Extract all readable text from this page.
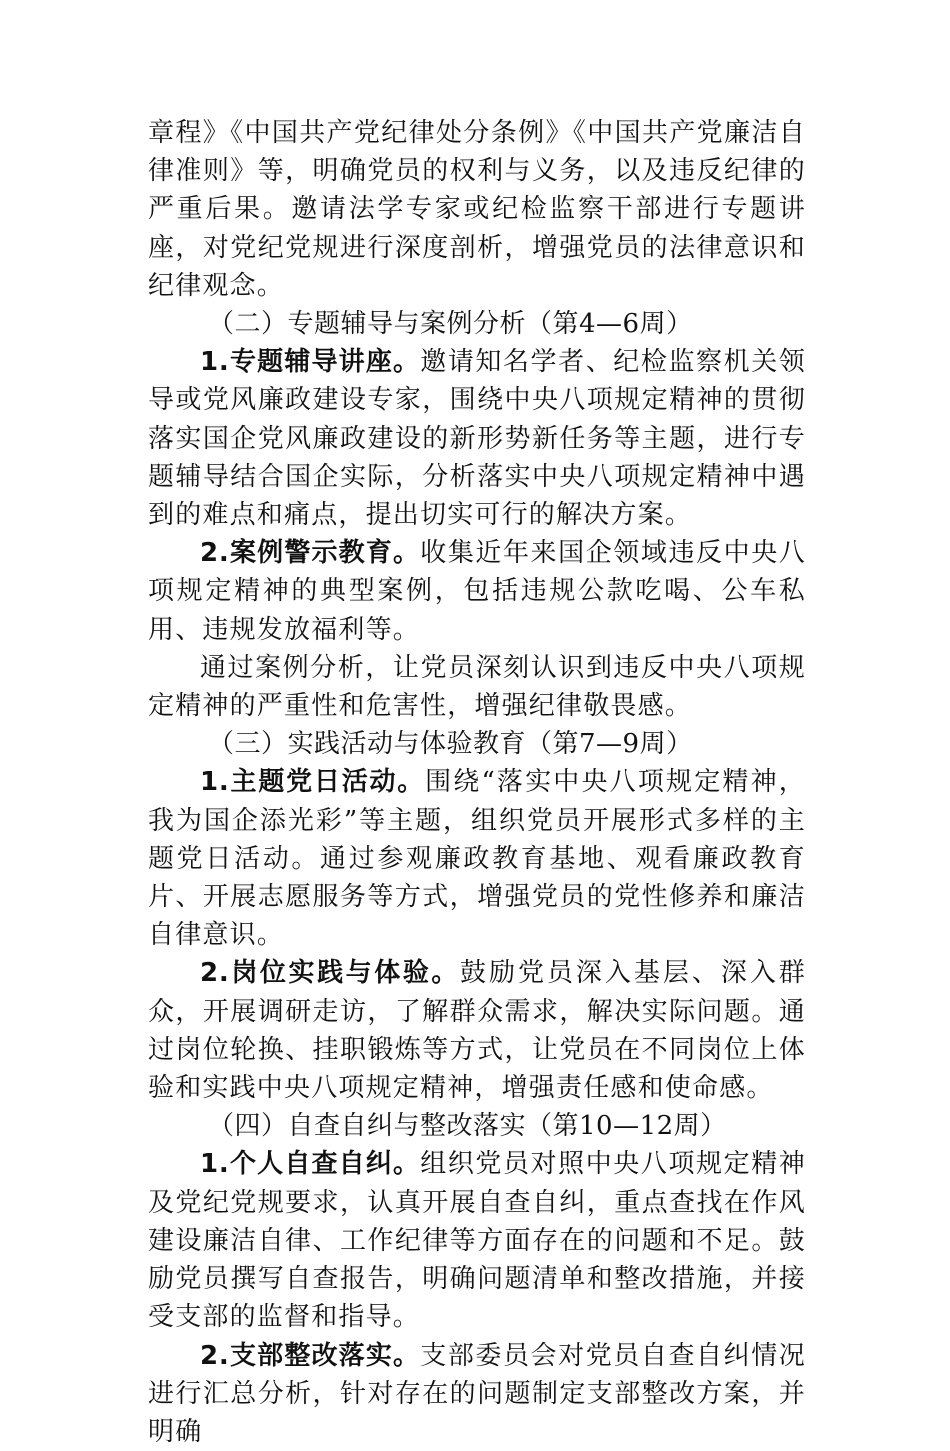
章程》《中国共产党纪律处分条例》《中国共产党廉洁自律准则》等，明确党员的权利与义务，以及违反纪律的严重后果。邀请法学专家或纪检监察干部进行专题讲座，对党纪党规进行深度剖析，增强党员的法律意识和纪律观念。

（二）专题辅导与案例分析（第4—6周）

1.专题辅导讲座。邀请知名学者、纪检监察机关领导或党风廉政建设专家，围绕中央八项规定精神的贯彻落实国企党风廉政建设的新形势新任务等主题，进行专题辅导结合国企实际，分析落实中央八项规定精神中遇到的难点和痛点，提出切实可行的解决方案。

2.案例警示教育。收集近年来国企领域违反中央八项规定精神的典型案例，包括违规公款吃喝、公车私用、违规发放福利等。

通过案例分析，让党员深刻认识到违反中央八项规定精神的严重性和危害性，增强纪律敬畏感。

（三）实践活动与体验教育（第7—9周）

1.主题党日活动。围绕“落实中央八项规定精神，我为国企添光彩”等主题，组织党员开展形式多样的主题党日活动。通过参观廉政教育基地、观看廉政教育片、开展志愿服务等方式，增强党员的党性修养和廉洁自律意识。

2.岗位实践与体验。鼓励党员深入基层、深入群众，开展调研走访，了解群众需求，解决实际问题。通过岗位轮换、挂职锻炼等方式，让党员在不同岗位上体验和实践中央八项规定精神，增强责任感和使命感。

（四）自查自纠与整改落实（第10—12周）

1.个人自查自纠。组织党员对照中央八项规定精神及党纪党规要求，认真开展自查自纠，重点查找在作风建设廉洁自律、工作纪律等方面存在的问题和不足。鼓励党员撰写自查报告，明确问题清单和整改措施，并接受支部的监督和指导。

2.支部整改落实。支部委员会对党员自查自纠情况进行汇总分析，针对存在的问题制定支部整改方案，并明确
